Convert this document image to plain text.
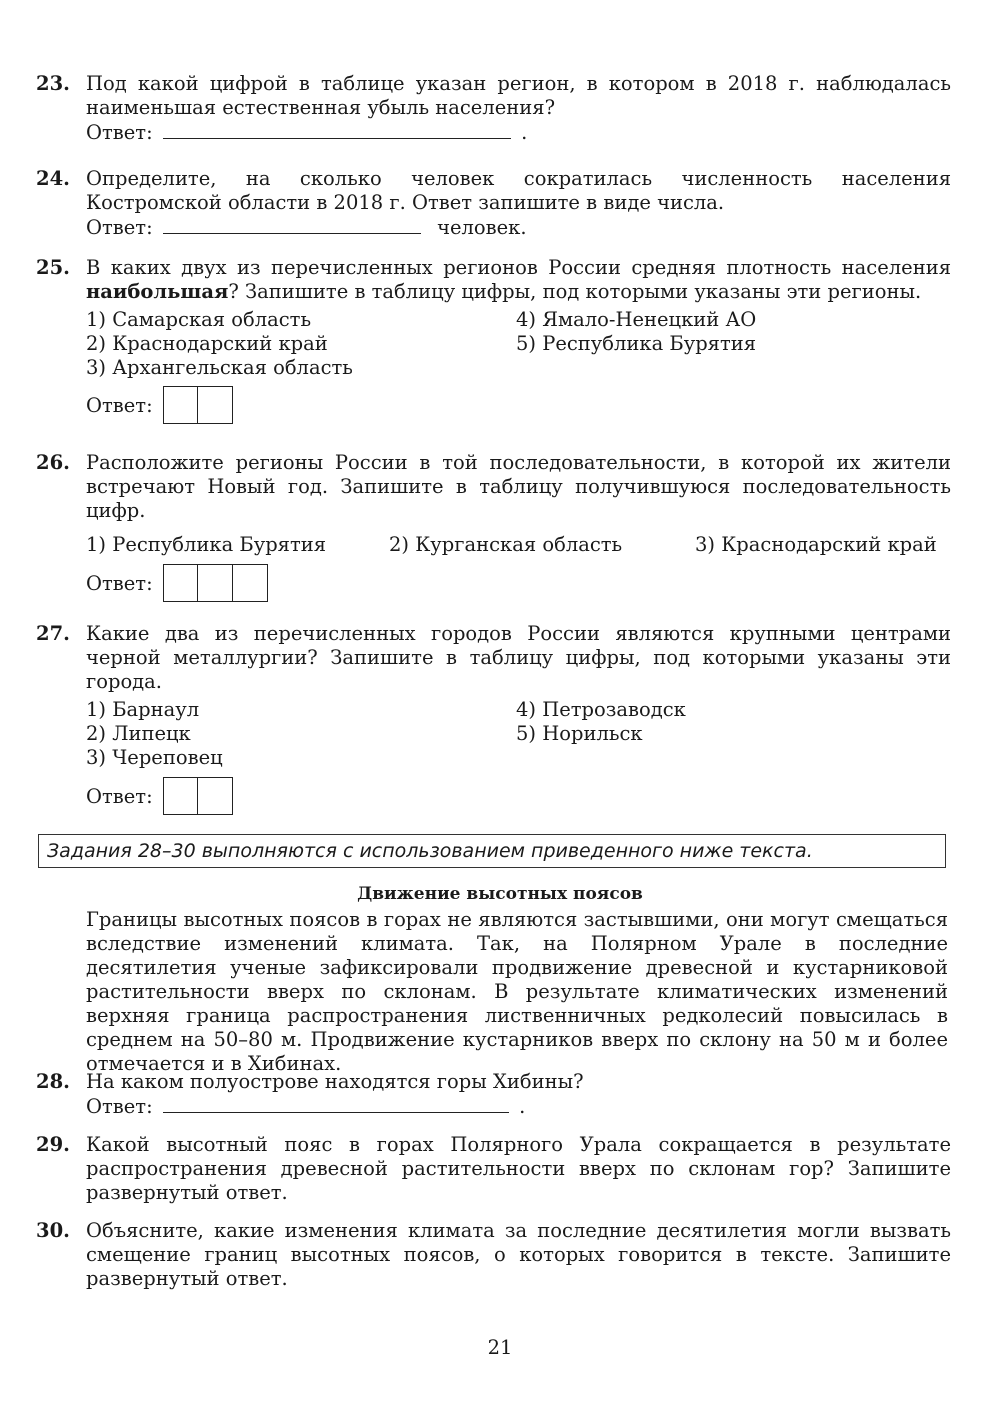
23. Под какой цифрой в таблице указан регион, в котором в 2018 г. наблюдалась наименьшая естественная убыль населения?
Ответ:	.
24. Определите, на сколько человек сократилась численность населения Костромской области в 2018 г. Ответ запишите в виде числа.
Ответ:	человек.
25. В каких двух из перечисленных регионов России средняя плотность населения наибольшая? Запишите в таблицу цифры, под которыми указаны эти регионы.
1) Самарская область
2) Краснодарский край
3) Архангельская область
4) Ямало-Ненецкий АО
5) Республика Бурятия
Ответ:
26. Расположите регионы России в той последовательности, в которой их жители встречают Новый год. Запишите в таблицу получившуюся последовательность цифр.
1) Республика Бурятия	2) Курганская область	3) Краснодарский край
Ответ:
27. Какие два из перечисленных городов России являются крупными центрами черной металлургии? Запишите в таблицу цифры, под которыми указаны эти города.
1) Барнаул
2) Липецк
3) Череповец
4) Петрозаводск
5) Норильск
Ответ:
Задания 28–30 выполняются с использованием приведенного ниже текста.
Движение высотных поясов
Границы высотных поясов в горах не являются застывшими, они могут смещаться вследствие изменений климата. Так, на Полярном Урале в последние десятилетия ученые зафиксировали продвижение древесной и кустарниковой растительности вверх по склонам. В результате климатических изменений верхняя граница распространения лиственничных редколесий повысилась в среднем на 50–80 м. Продвижение кустарников вверх по склону на 50 м и более отмечается и в Хибинах.
28. На каком полуострове находятся горы Хибины?
Ответ:	.
29. Какой высотный пояс в горах Полярного Урала сокращается в результате распространения древесной растительности вверх по склонам гор? Запишите развернутый ответ.
30. Объясните, какие изменения климата за последние десятилетия могли вызвать смещение границ высотных поясов, о которых говорится в тексте. Запишите развернутый ответ.
21
